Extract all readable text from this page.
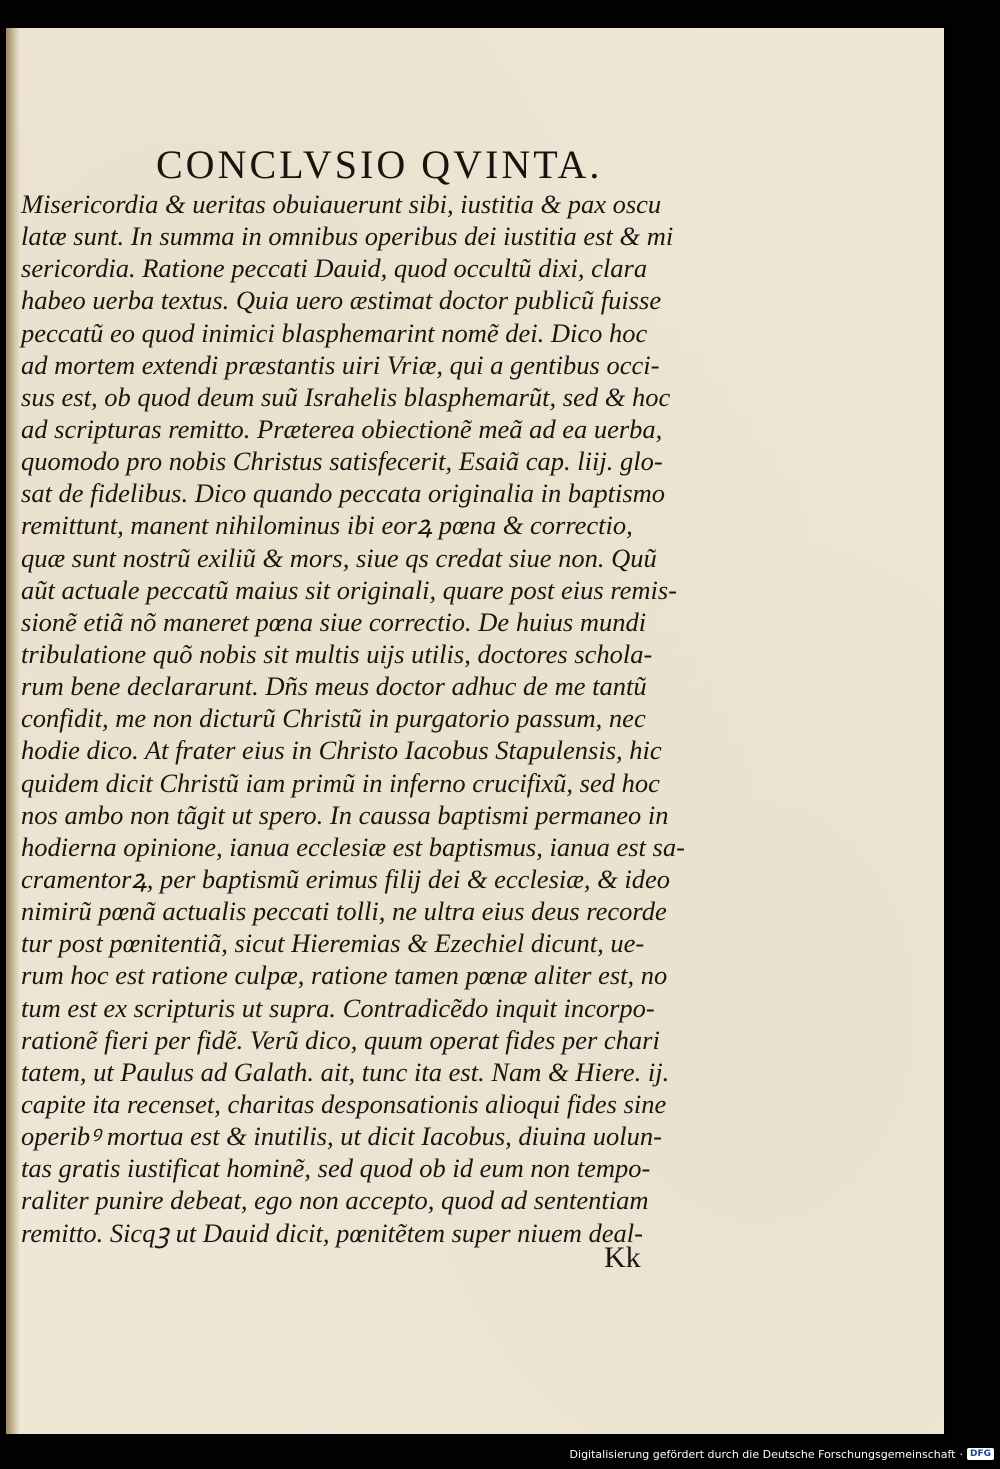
CONCLVSIO QVINTA.
Misericordia & ueritas obuiauerunt sibi, iustitia & pax oscu
latæ sunt. In summa in omnibus operibus dei iustitia est & mi
sericordia. Ratione peccati Dauid, quod occultũ dixi, clara
habeo uerba textus. Quia uero æstimat doctor publicũ fuisse
peccatũ eo quod inimici blasphemarint nomẽ dei. Dico hoc
ad mortem extendi præstantis uiri Vriæ, qui a gentibus occi-
sus est, ob quod deum suũ Israhelis blasphemarũt, sed & hoc
ad scripturas remitto. Præterea obiectionẽ meã ad ea uerba,
quomodo pro nobis Christus satisfecerit, Esaiã cap. liij. glo-
sat de fidelibus. Dico quando peccata originalia in baptismo
remittunt, manent nihilominus ibi eorꝝ pœna & correctio,
quæ sunt nostrũ exiliũ & mors, siue qs credat siue non. Quũ
aũt actuale peccatũ maius sit originali, quare post eius remis-
sionẽ etiã nõ maneret pœna siue correctio. De huius mundi
tribulatione quõ nobis sit multis uijs utilis, doctores schola-
rum bene declararunt. Dñs meus doctor adhuc de me tantũ
confidit, me non dicturũ Christũ in purgatorio passum, nec
hodie dico. At frater eius in Christo Iacobus Stapulensis, hic
quidem dicit Christũ iam primũ in inferno crucifixũ, sed hoc
nos ambo non tãgit ut spero. In caussa baptismi permaneo in
hodierna opinione, ianua ecclesiæ est baptismus, ianua est sa-
cramentorꝝ, per baptismũ erimus filij dei & ecclesiæ, & ideo
nimirũ pœnã actualis peccati tolli, ne ultra eius deus recorde
tur post pœnitentiã, sicut Hieremias & Ezechiel dicunt, ue-
rum hoc est ratione culpæ, ratione tamen pœnæ aliter est, no
tum est ex scripturis ut supra. Contradicẽdo inquit incorpo-
rationẽ fieri per fidẽ. Verũ dico, quum operat fides per chari
tatem, ut Paulus ad Galath. ait, tunc ita est. Nam & Hiere. ij.
capite ita recenset, charitas desponsationis alioqui fides sine
operibꝰ mortua est & inutilis, ut dicit Iacobus, diuina uolun-
tas gratis iustificat hominẽ, sed quod ob id eum non tempo-
raliter punire debeat, ego non accepto, quod ad sententiam
remitto. Sicqꝫ ut Dauid dicit, pœnitẽtem super niuem deal-
Kk
Digitalisierung gefördert durch die Deutsche Forschungsgemeinschaft · DFG
